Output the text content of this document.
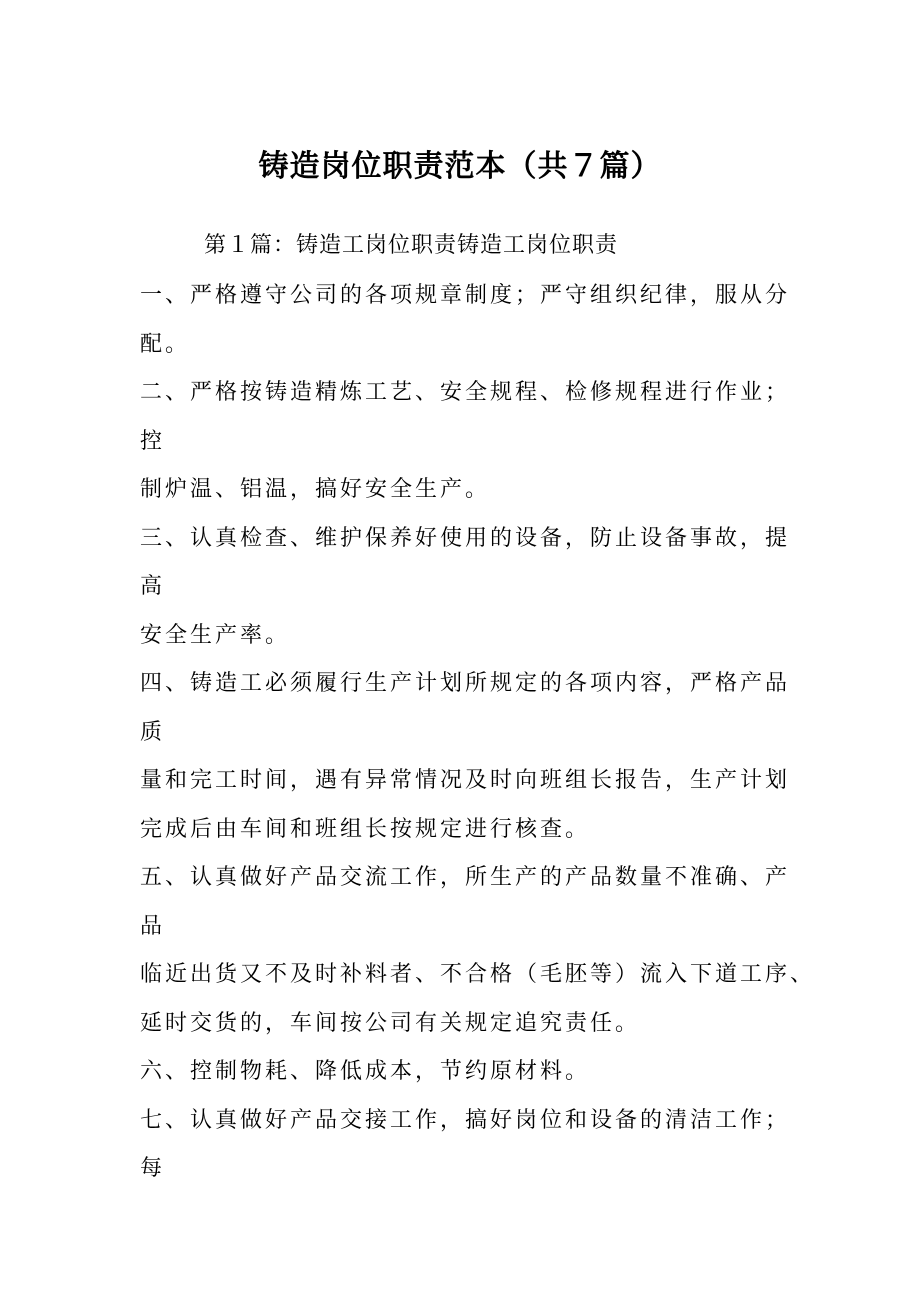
铸造岗位职责范本（共７篇）
第１篇：铸造工岗位职责铸造工岗位职责
一、严格遵守公司的各项规章制度；严守组织纪律，服从分
配。
二、严格按铸造精炼工艺、安全规程、检修规程进行作业；
控
制炉温、铝温，搞好安全生产。
三、认真检查、维护保养好使用的设备，防止设备事故，提
高
安全生产率。
四、铸造工必须履行生产计划所规定的各项内容，严格产品
质
量和完工时间，遇有异常情况及时向班组长报告，生产计划
完成后由车间和班组长按规定进行核查。
五、认真做好产品交流工作，所生产的产品数量不准确、产
品
临近出货又不及时补料者、不合格（毛胚等）流入下道工序、
延时交货的，车间按公司有关规定追究责任。
六、控制物耗、降低成本，节约原材料。
七、认真做好产品交接工作，搞好岗位和设备的清洁工作；
每
